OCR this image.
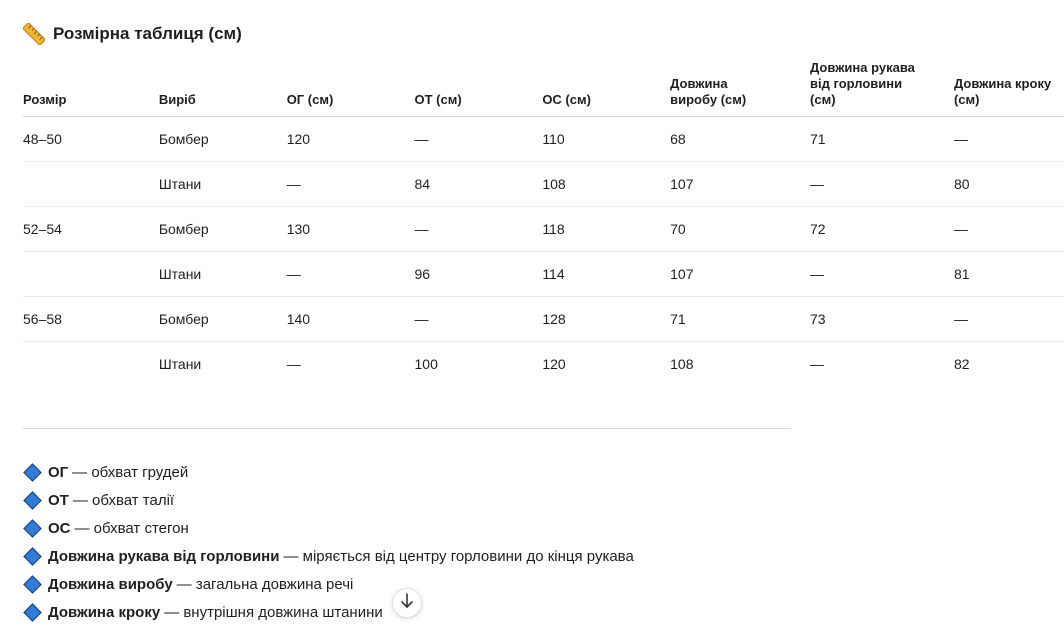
Розмірна таблиця (см)
Розмір	Виріб	ОГ (см)	ОТ (см)	ОС (см)	Довжина виробу (см)	Довжина рукава від горловини (см)	Довжина кроку (см)

48–50	Бомбер	120	—	110	68	71	—
	Штани	—	84	108	107	—	80
52–54	Бомбер	130	—	118	70	72	—
	Штани	—	96	114	107	—	81
56–58	Бомбер	140	—	128	71	73	—
	Штани	—	100	120	108	—	82
ОГ — обхват грудей
ОТ — обхват талії
ОС — обхват стегон
Довжина рукава від горловини — міряється від центру горловини до кінця рукава
Довжина виробу — загальна довжина речі
Довжина кроку — внутрішня довжина штанини
